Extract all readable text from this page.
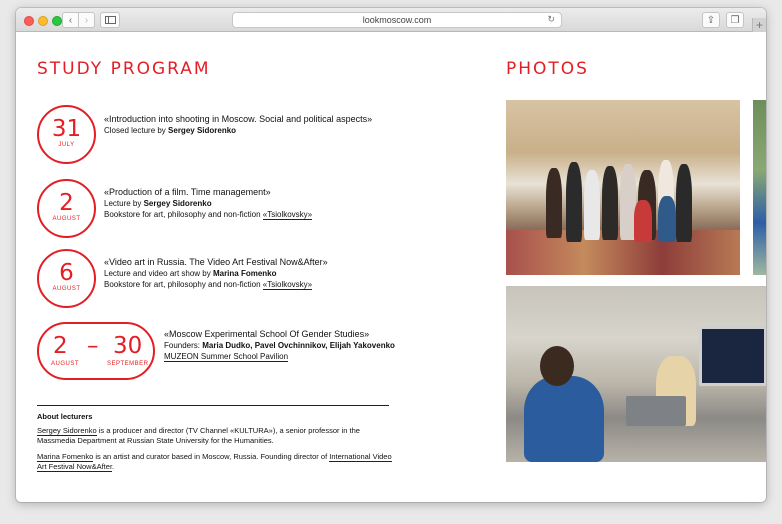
‹ ›	lookmoscow.com	↻	⇪ ❐ +
STUDY PROGRAM	PHOTOS
31
JULY
«Introduction into shooting in Moscow. Social and political aspects»
Closed lecture by Sergey Sidorenko
2
AUGUST
«Production of a film. Time management»
Lecture by Sergey Sidorenko
Bookstore for art, philosophy and non-fiction «Tsiolkovsky»
6
AUGUST
«Video art in Russia. The Video Art Festival Now&After»
Lecture and video art show by Marina Fomenko
Bookstore for art, philosophy and non-fiction «Tsiolkovsky»
2 – 30
AUGUST	SEPTEMBER
«Moscow Experimental School Of Gender Studies»
Founders: Maria Dudko, Pavel Ovchinnikov, Elijah Yakovenko
MUZEON Summer School Pavilion
About lecturers

Sergey Sidorenko is a producer and director (TV Channel «KULTURA»), a senior professor in the Massmedia Department at Russian State University for the Humanities.

Marina Fomenko is an artist and curator based in Moscow, Russia. Founding director of International Video Art Festival Now&After.
